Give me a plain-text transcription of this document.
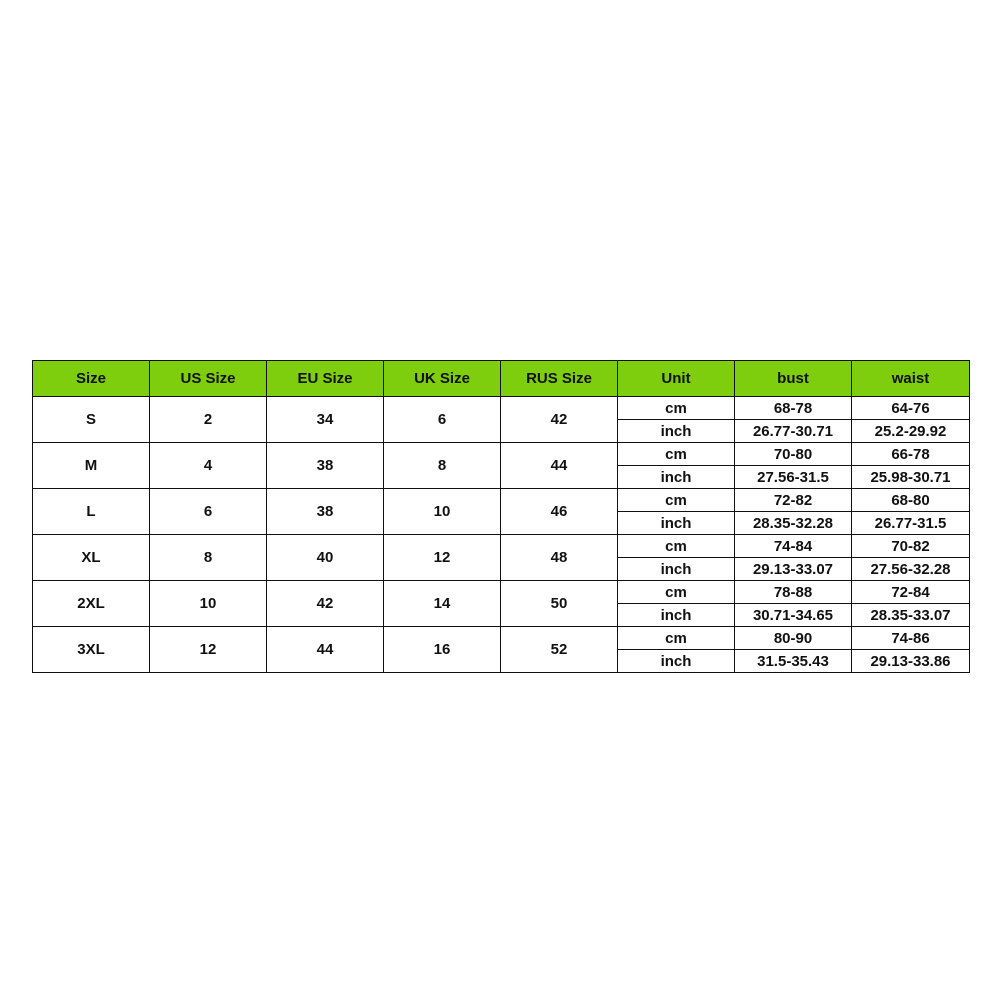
Size	US Size	EU Size	UK Size	RUS Size	Unit	bust	waist
S	2	34	6	42	cm	68-78	64-76
					inch	26.77-30.71	25.2-29.92
M	4	38	8	44	cm	70-80	66-78
					inch	27.56-31.5	25.98-30.71
L	6	38	10	46	cm	72-82	68-80
					inch	28.35-32.28	26.77-31.5
XL	8	40	12	48	cm	74-84	70-82
					inch	29.13-33.07	27.56-32.28
2XL	10	42	14	50	cm	78-88	72-84
					inch	30.71-34.65	28.35-33.07
3XL	12	44	16	52	cm	80-90	74-86
					inch	31.5-35.43	29.13-33.86
